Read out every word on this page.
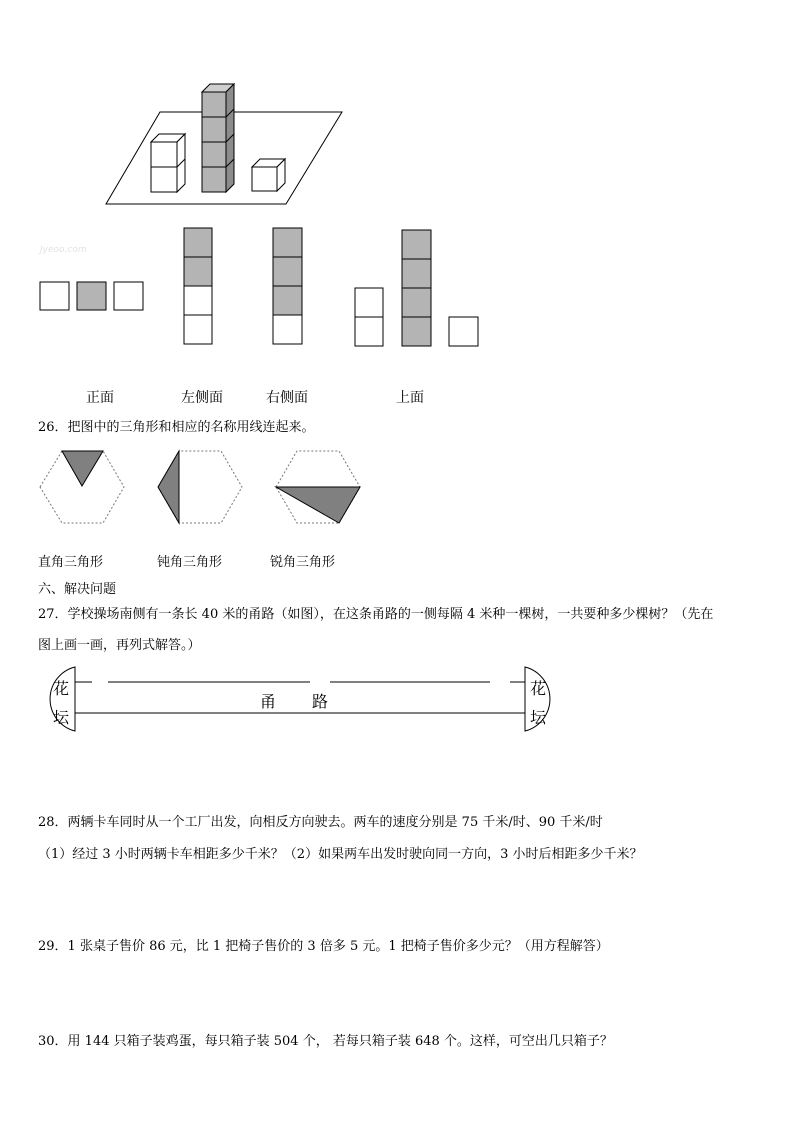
Jyeoo.com
正面	左侧面	右侧面	上面
26．把图中的三角形和相应的名称用线连起来。
直角三角形	钝角三角形	锐角三角形
六、解决问题
27．学校操场南侧有一条长 40 米的甬路（如图），在这条甬路的一侧每隔 4 米种一棵树，一共要种多少棵树？（先在
图上画一画，再列式解答。）
花
坛
花
坛
甬 路
28．两辆卡车同时从一个工厂出发，向相反方向驶去。两车的速度分别是 75 千米/时、90 千米/时
（1）经过 3 小时两辆卡车相距多少千米？（2）如果两车出发时驶向同一方向，3 小时后相距多少千米？
29．1 张桌子售价 86 元，比 1 把椅子售价的 3 倍多 5 元。1 把椅子售价多少元？（用方程解答）
30．用 144 只箱子装鸡蛋，每只箱子装 504 个， 若每只箱子装 648 个。这样，可空出几只箱子？
